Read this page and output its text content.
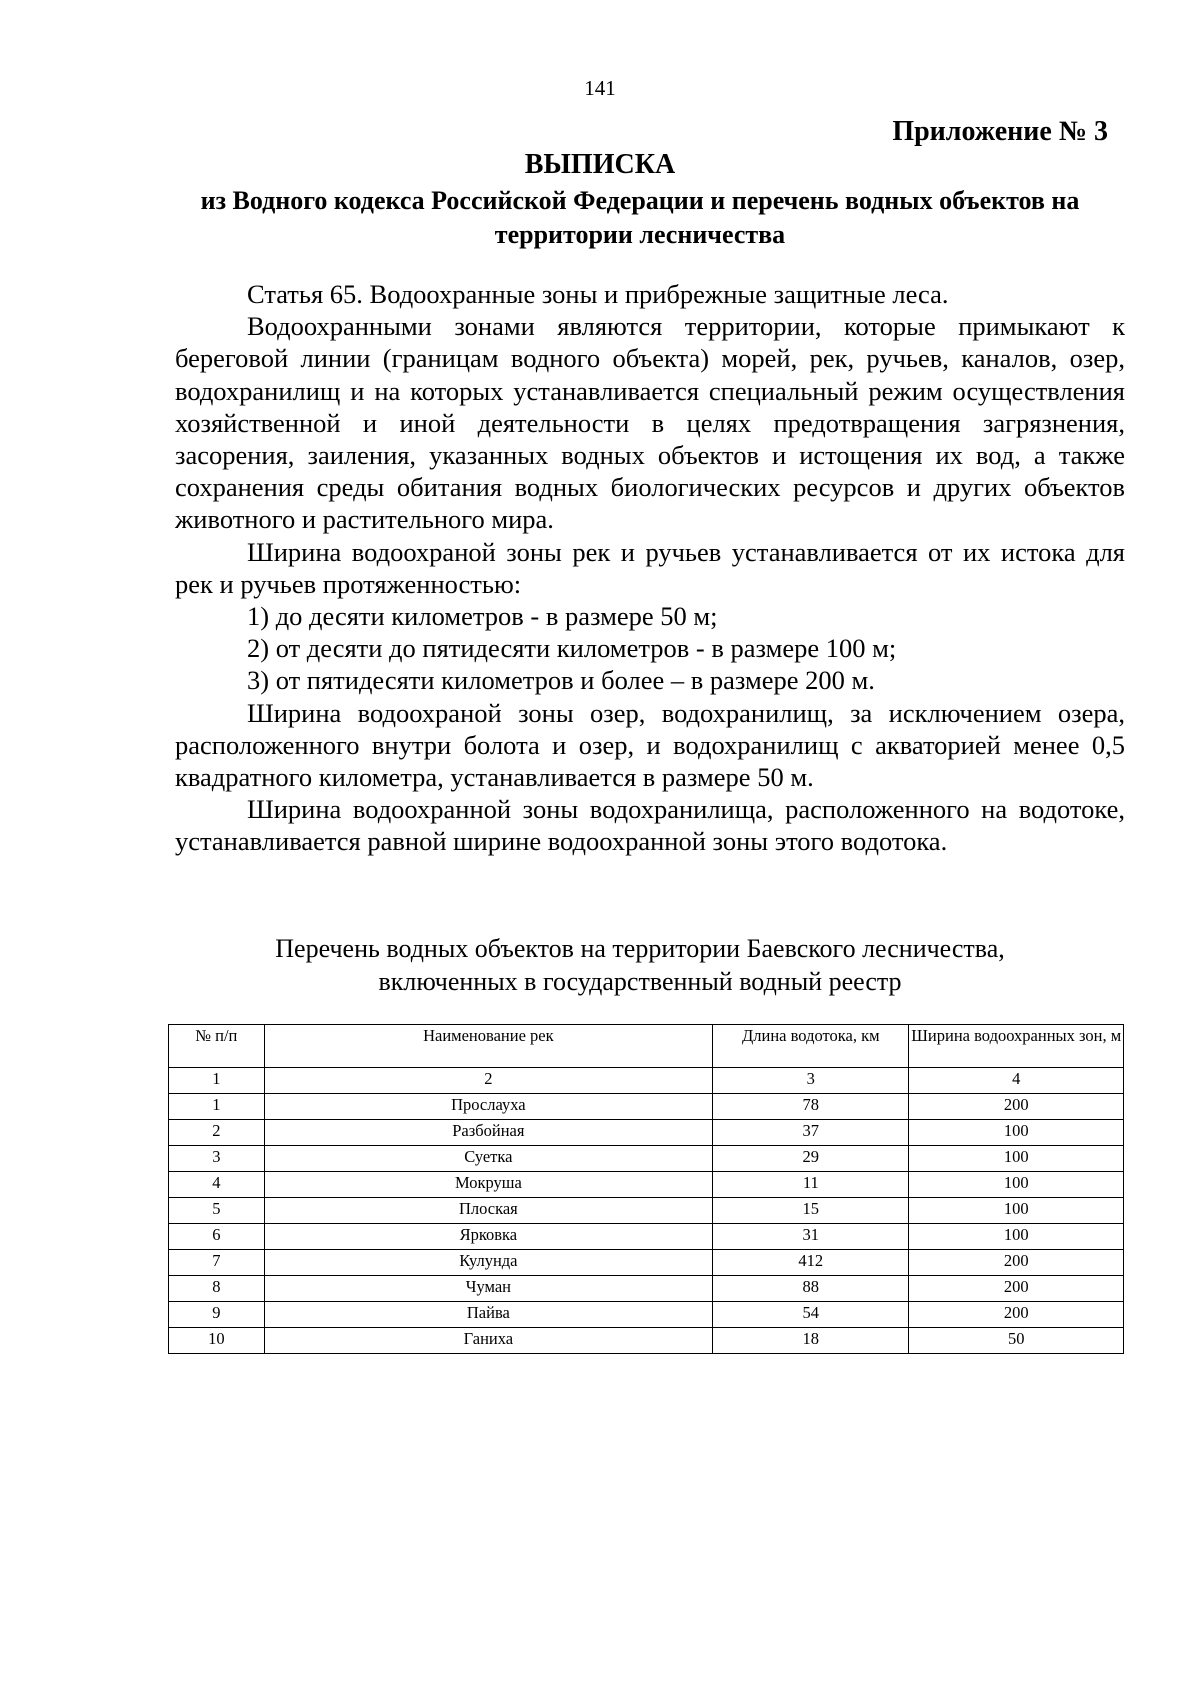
141
Приложение № 3
ВЫПИСКА
из Водного кодекса Российской Федерации и перечень водных объектов на территории лесничества

Статья 65. Водоохранные зоны и прибрежные защитные леса.

Водоохранными зонами являются территории, которые примыкают к береговой линии (границам водного объекта) морей, рек, ручьев, каналов, озер, водохранилищ и на которых устанавливается специальный режим осуществления хозяйственной и иной деятельности в целях предотвращения загрязнения, засорения, заиления, указанных водных объектов и истощения их вод, а также сохранения среды обитания водных биологических ресурсов и других объектов животного и растительного мира.

Ширина водоохраной зоны рек и ручьев устанавливается от их истока для рек и ручьев протяженностью:

1) до десяти километров - в размере 50 м;

2) от десяти до пятидесяти километров - в размере 100 м;

3) от пятидесяти километров и более – в размере 200 м.

Ширина водоохраной зоны озер, водохранилищ, за исключением озера, расположенного внутри болота и озер, и водохранилищ с акваторией менее 0,5 квадратного километра, устанавливается в размере 50 м.

Ширина водоохранной зоны водохранилища, расположенного на водотоке, устанавливается равной ширине водоохранной зоны этого водотока.

Перечень водных объектов на территории Баевского лесничества,
включенных в государственный водный реестр
№ п/п	Наименование рек	Длина водотока, км	Ширина водоохранных зон, м
1	2	3	4
1	Прослауха	78	200
2	Разбойная	37	100
3	Суетка	29	100
4	Мокруша	11	100
5	Плоская	15	100
6	Ярковка	31	100
7	Кулунда	412	200
8	Чуман	88	200
9	Пайва	54	200
10	Ганиха	18	50
